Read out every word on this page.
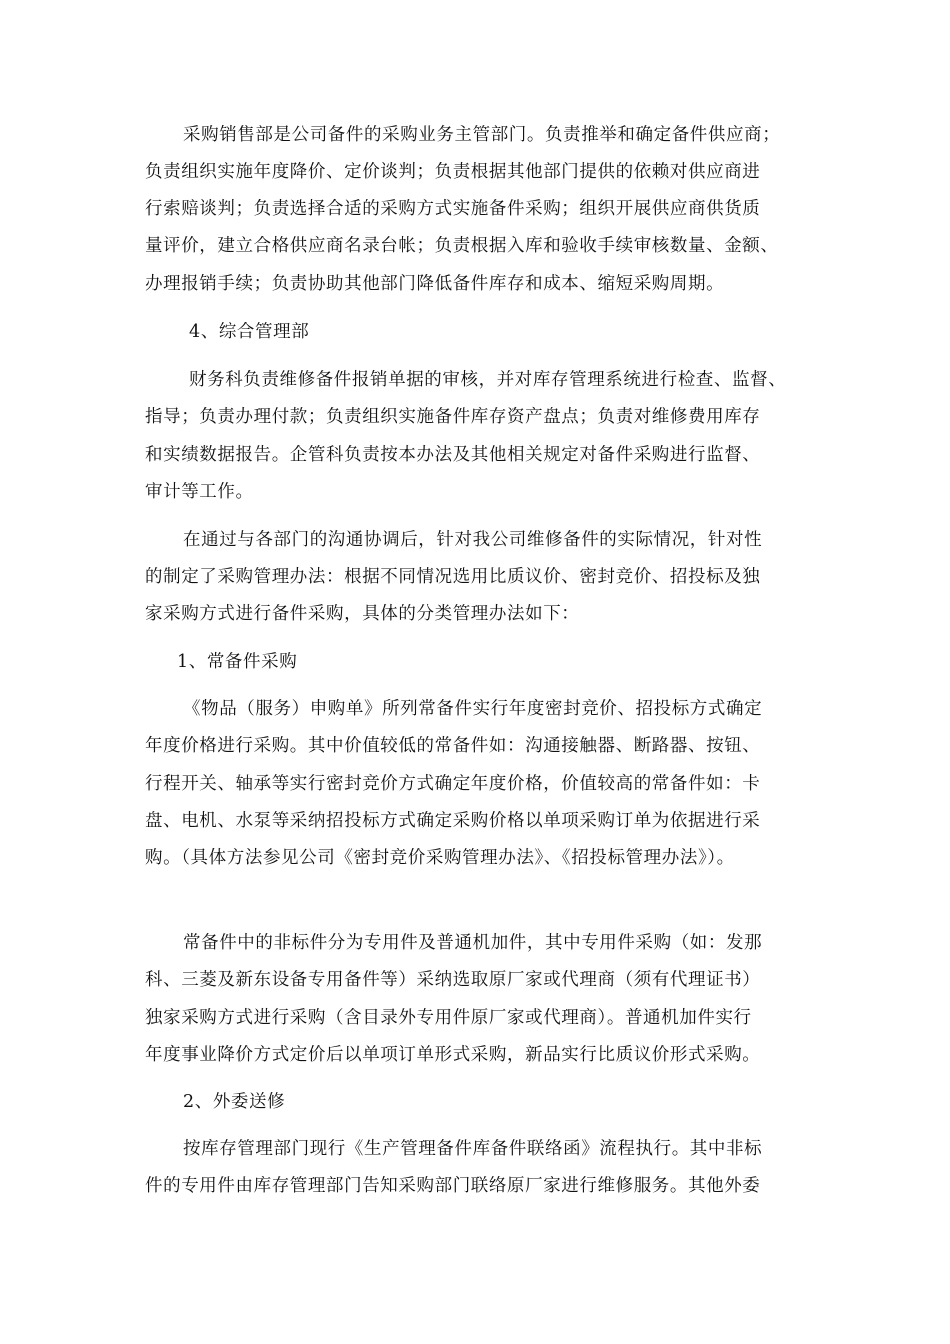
采购销售部是公司备件的采购业务主管部门。负责推举和确定备件供应商；
负责组织实施年度降价、定价谈判；负责根据其他部门提供的依赖对供应商进
行索赔谈判；负责选择合适的采购方式实施备件采购；组织开展供应商供货质
量评价，建立合格供应商名录台帐；负责根据入库和验收手续审核数量、金额、
办理报销手续；负责协助其他部门降低备件库存和成本、缩短采购周期。
4、综合管理部
财务科负责维修备件报销单据的审核，并对库存管理系统进行检查、监督、
指导；负责办理付款；负责组织实施备件库存资产盘点；负责对维修费用库存
和实绩数据报告。企管科负责按本办法及其他相关规定对备件采购进行监督、
审计等工作。
在通过与各部门的沟通协调后，针对我公司维修备件的实际情况，针对性
的制定了采购管理办法：根据不同情况选用比质议价、密封竞价、招投标及独
家采购方式进行备件采购，具体的分类管理办法如下：
1、常备件采购
《物品（服务）申购单》所列常备件实行年度密封竞价、招投标方式确定
年度价格进行采购。其中价值较低的常备件如：沟通接触器、断路器、按钮、
行程开关、轴承等实行密封竞价方式确定年度价格，价值较高的常备件如：卡
盘、电机、水泵等采纳招投标方式确定采购价格以单项采购订单为依据进行采
购。（具体方法参见公司《密封竞价采购管理办法》、《招投标管理办法》）。
常备件中的非标件分为专用件及普通机加件，其中专用件采购（如：发那
科、三菱及新东设备专用备件等）采纳选取原厂家或代理商（须有代理证书）
独家采购方式进行采购（含目录外专用件原厂家或代理商）。普通机加件实行
年度事业降价方式定价后以单项订单形式采购，新品实行比质议价形式采购。
2、外委送修
按库存管理部门现行《生产管理备件库备件联络函》流程执行。其中非标
件的专用件由库存管理部门告知采购部门联络原厂家进行维修服务。其他外委
